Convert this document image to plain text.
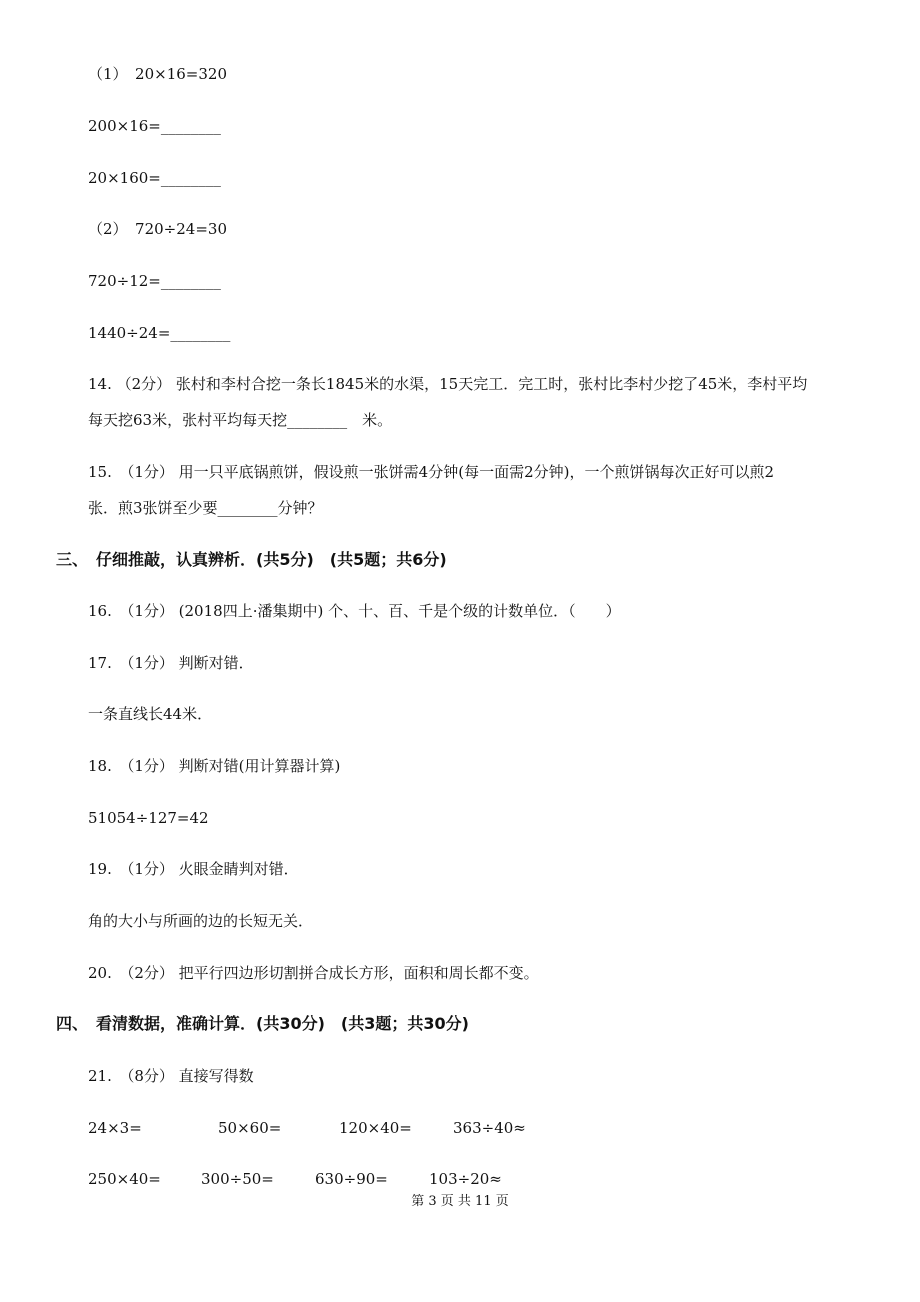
（1）　20×16=320
200×16=________
20×160=________
（2）　720÷24=30
720÷12=________
1440÷24=________
14. （2分） 张村和李村合挖一条长1845米的水渠，15天完工．完工时，张村比李村少挖了45米，李村平均
每天挖63米，张村平均每天挖________　米。
15.　（1分） 用一只平底锅煎饼，假设煎一张饼需4分钟(每一面需2分钟)，一个煎饼锅每次正好可以煎2
张．煎3张饼至少要________分钟？
三、　仔细推敲，认真辨析．(共5分)　(共5题；共6分)
16.　（1分） (2018四上·潘集期中) 个、十、百、千是个级的计数单位．（　　）
17.　（1分） 判断对错．
一条直线长44米．
18.　（1分） 判断对错(用计算器计算)
51054÷127=42
19.　（1分） 火眼金睛判对错．
角的大小与所画的边的长短无关．
20.　（2分） 把平行四边形切割拼合成长方形，面积和周长都不变。
四、　看清数据，准确计算．(共30分)　(共3题；共30分)
21.　（8分） 直接写得数
24×3=	50×60=	120×40=	363÷40≈
250×40=	300÷50=	630÷90=	103÷20≈
第 3 页 共 11 页
